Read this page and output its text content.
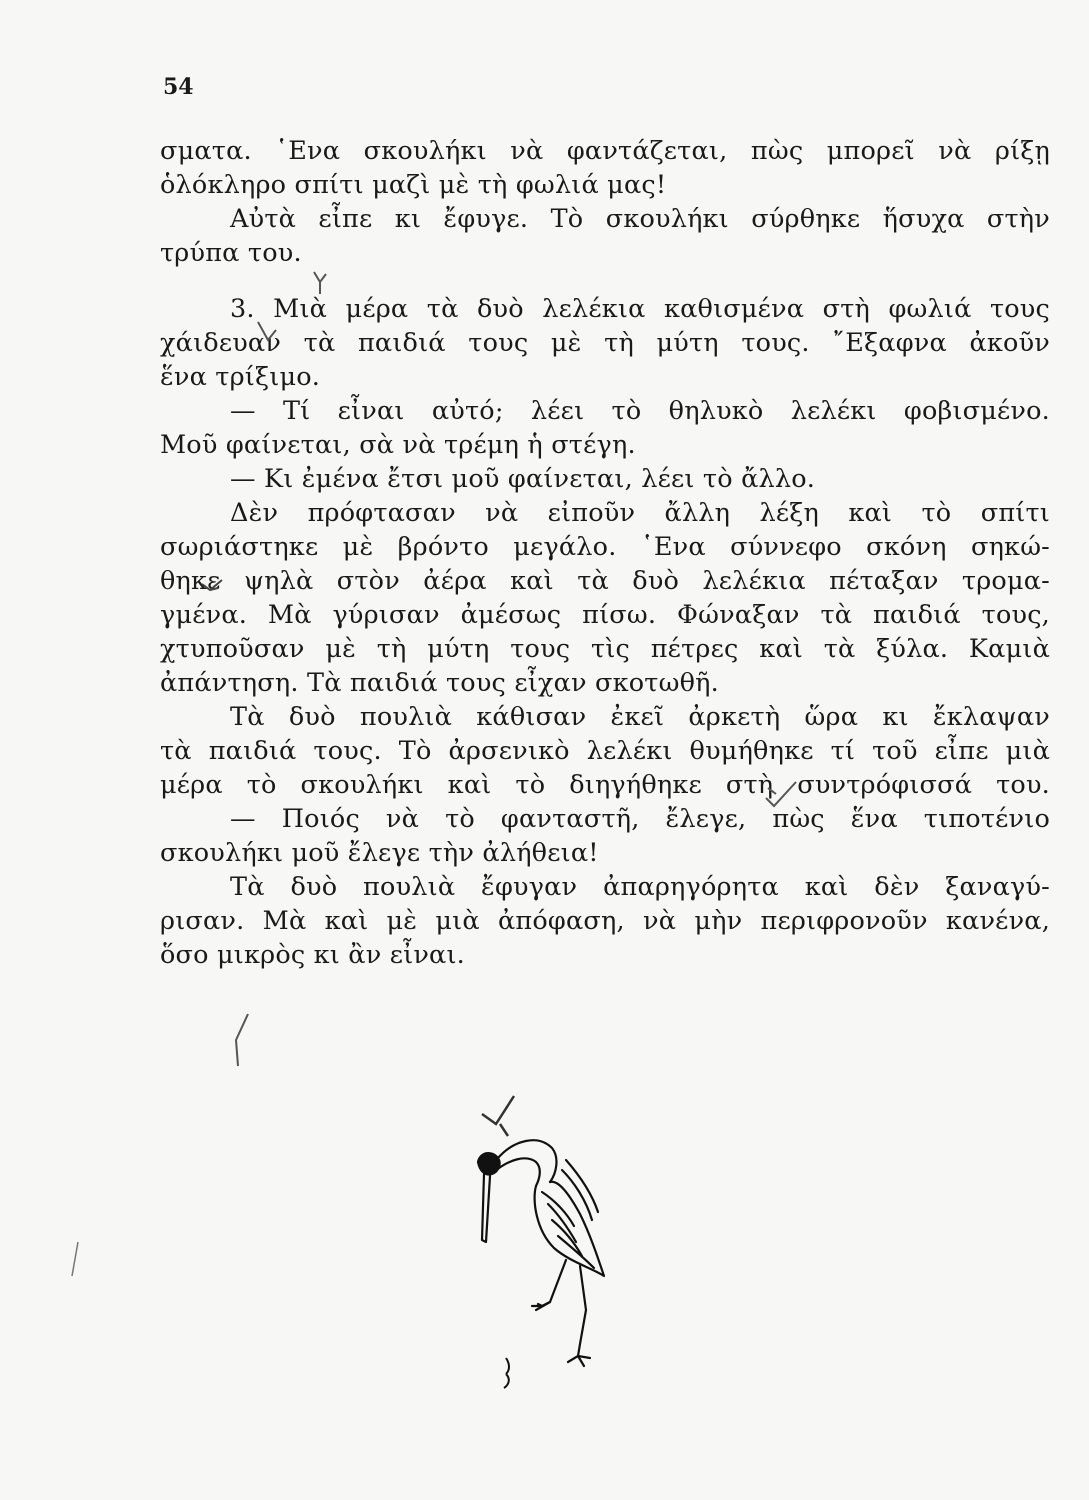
54
σματα. ῾Ενα σκουλήκι νὰ φαντάζεται, πὼς μπορεῖ νὰ ρίξῃ
ὁλόκληρο σπίτι μαζὶ μὲ τὴ φωλιά μας!
Αὐτὰ εἶπε κι ἔφυγε. Τὸ σκουλήκι σύρθηκε ἥσυχα στὴν
τρύπα του.
3. Μιὰ μέρα τὰ δυὸ λελέκια καθισμένα στὴ φωλιά τους
χάιδευαν τὰ παιδιά τους μὲ τὴ μύτη τους. ῎Εξαφνα ἀκοῦν
ἕνα τρίξιμο.
— Τί εἶναι αὐτό; λέει τὸ θηλυκὸ λελέκι φοβισμένο.
Μοῦ φαίνεται, σὰ νὰ τρέμη ἡ στέγη.
— Κι ἐμένα ἔτσι μοῦ φαίνεται, λέει τὸ ἄλλο.
Δὲν πρόφτασαν νὰ εἰποῦν ἄλλη λέξη καὶ τὸ σπίτι
σωριάστηκε μὲ βρόντο μεγάλο. ῾Ενα σύννεφο σκόνη σηκώ-
θηκε ψηλὰ στὸν ἀέρα καὶ τὰ δυὸ λελέκια πέταξαν τρομα-
γμένα. Μὰ γύρισαν ἀμέσως πίσω. Φώναξαν τὰ παιδιά τους,
χτυποῦσαν μὲ τὴ μύτη τους τὶς πέτρες καὶ τὰ ξύλα. Καμιὰ
ἀπάντηση. Τὰ παιδιά τους εἶχαν σκοτωθῆ.
Τὰ δυὸ πουλιὰ κάθισαν ἐκεῖ ἀρκετὴ ὥρα κι ἔκλαψαν
τὰ παιδιά τους. Τὸ ἀρσενικὸ λελέκι θυμήθηκε τί τοῦ εἶπε μιὰ
μέρα τὸ σκουλήκι καὶ τὸ διηγήθηκε στὴ συντρόφισσά του.
— Ποιός νὰ τὸ φανταστῆ, ἔλεγε, πὼς ἕνα τιποτένιο
σκουλήκι μοῦ ἔλεγε τὴν ἀλήθεια!
Τὰ δυὸ πουλιὰ ἔφυγαν ἀπαρηγόρητα καὶ δὲν ξαναγύ-
ρισαν. Μὰ καὶ μὲ μιὰ ἀπόφαση, νὰ μὴν περιφρονοῦν κανένα,
ὅσο μικρὸς κι ἂν εἶναι.
